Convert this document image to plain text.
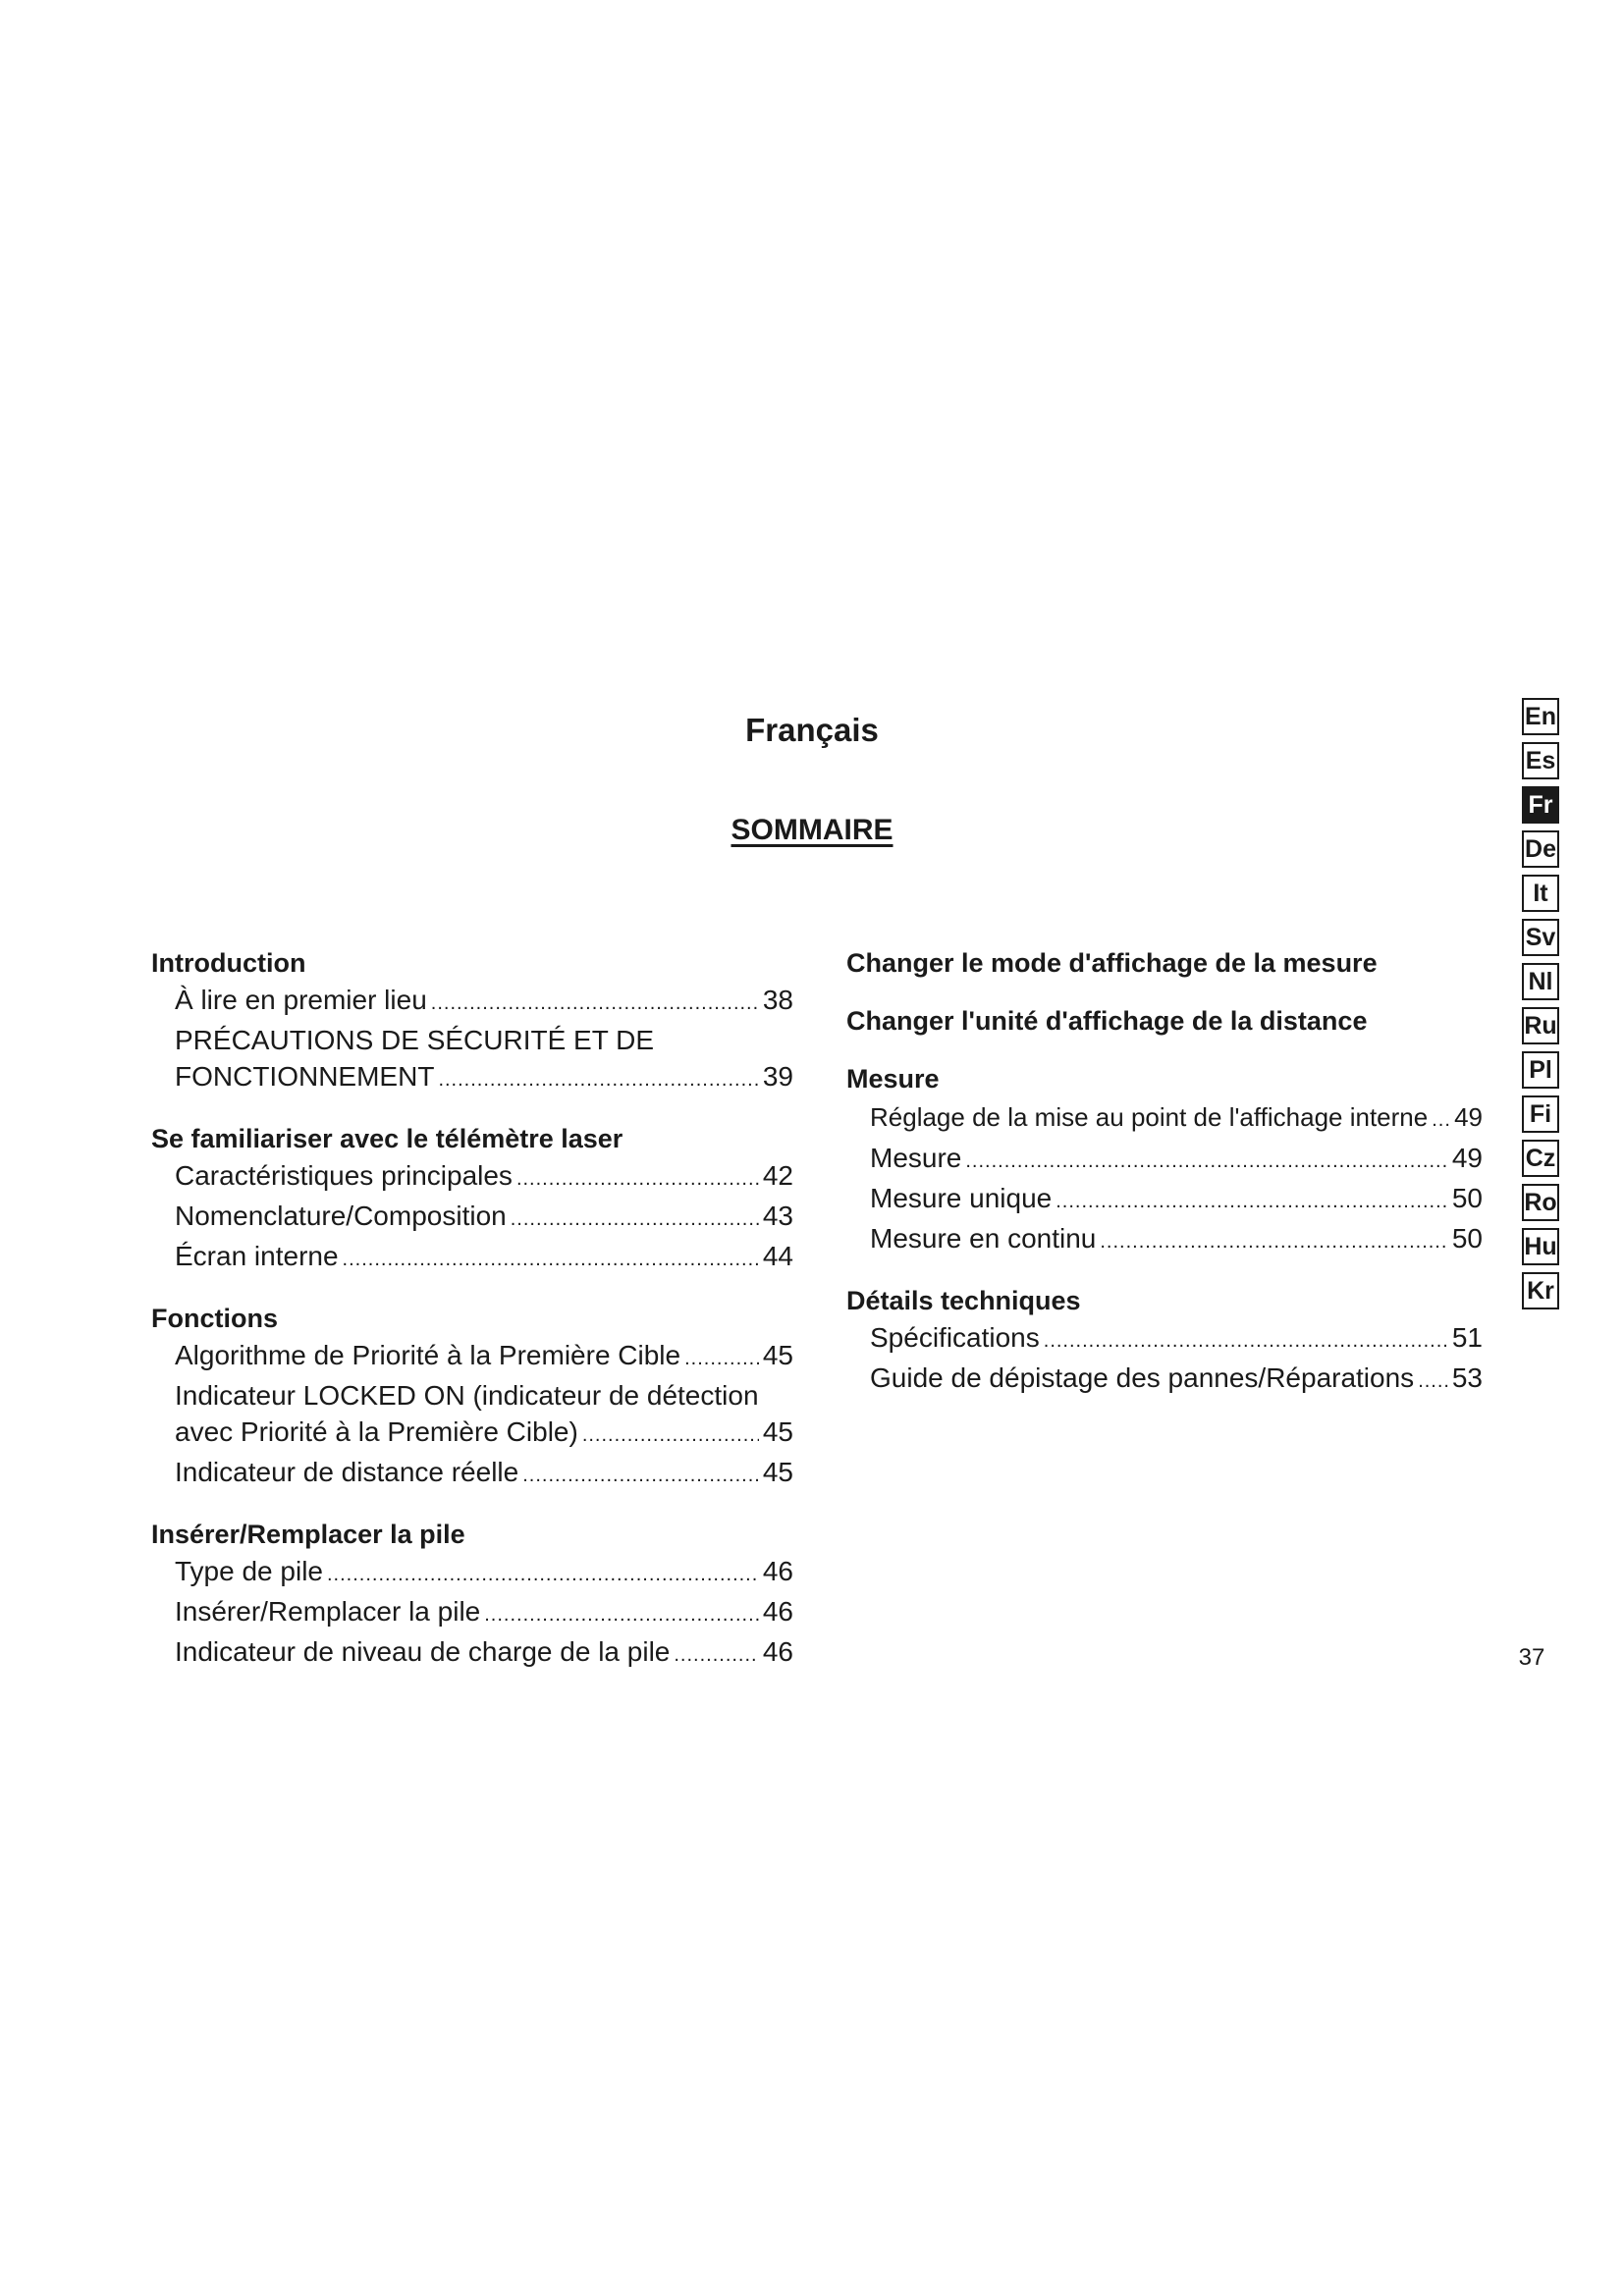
Français
SOMMAIRE
Introduction
À lire en premier lieu .....	38
PRÉCAUTIONS DE SÉCURITÉ ET DE
FONCTIONNEMENT .....	39
Se familiariser avec le télémètre laser
Caractéristiques principales .....	42
Nomenclature/Composition .....	43
Écran interne .....	44
Fonctions
Algorithme de Priorité à la Première Cible .....	45
Indicateur LOCKED ON (indicateur de détection
avec Priorité à la Première Cible) .....	45
Indicateur de distance réelle .....	45
Insérer/Remplacer la pile
Type de pile .....	46
Insérer/Remplacer la pile .....	46
Indicateur de niveau de charge de la pile .....	46
Changer le mode d'affichage de la mesure
Changer l'unité d'affichage de la distance
Mesure
Réglage de la mise au point de l'affichage interne ..... 49
Mesure .....	49
Mesure unique .....	50
Mesure en continu .....	50
Détails techniques
Spécifications .....	51
Guide de dépistage des pannes/Réparations ..... 53
En
Es
Fr
De
It
Sv
Nl
Ru
Pl
Fi
Cz
Ro
Hu
Kr
37
